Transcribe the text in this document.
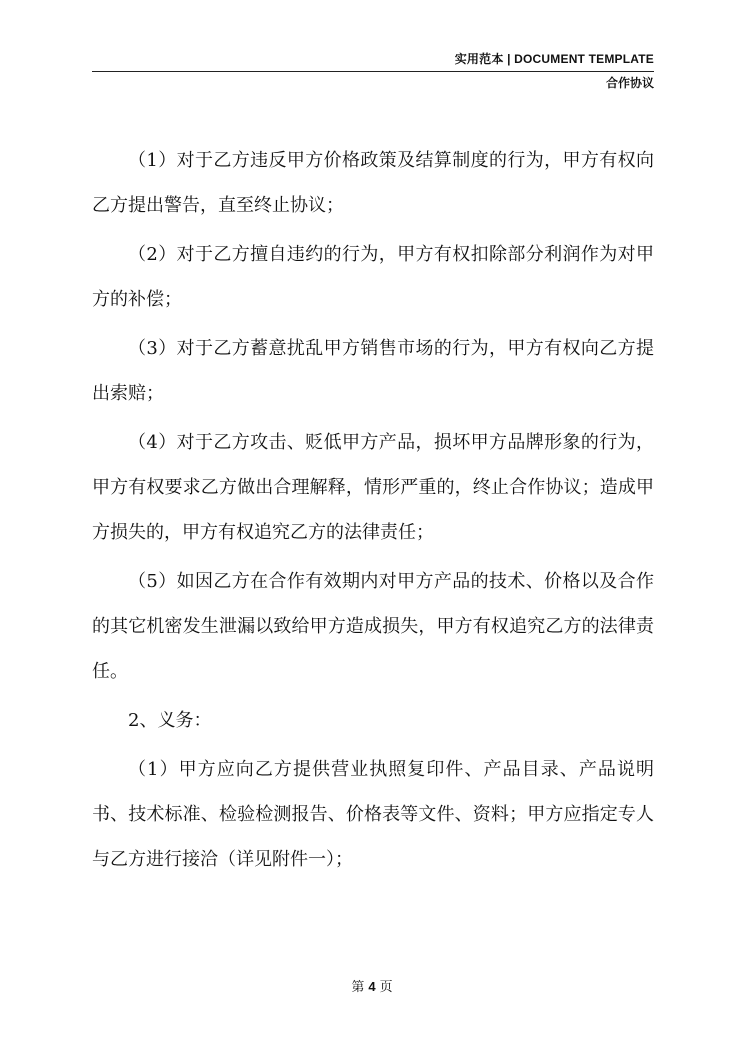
实用范本 | DOCUMENT TEMPLATE
合作协议

（1）对于乙方违反甲方价格政策及结算制度的行为，甲方有权向乙方提出警告，直至终止协议；

（2）对于乙方擅自违约的行为，甲方有权扣除部分利润作为对甲方的补偿；

（3）对于乙方蓄意扰乱甲方销售市场的行为，甲方有权向乙方提出索赔；

（4）对于乙方攻击、贬低甲方产品，损坏甲方品牌形象的行为，甲方有权要求乙方做出合理解释，情形严重的，终止合作协议；造成甲方损失的，甲方有权追究乙方的法律责任；

（5）如因乙方在合作有效期内对甲方产品的技术、价格以及合作的其它机密发生泄漏以致给甲方造成损失，甲方有权追究乙方的法律责任。

2、义务：

（1）甲方应向乙方提供营业执照复印件、产品目录、产品说明书、技术标准、检验检测报告、价格表等文件、资料；甲方应指定专人与乙方进行接洽（详见附件一）；

第 4 页
